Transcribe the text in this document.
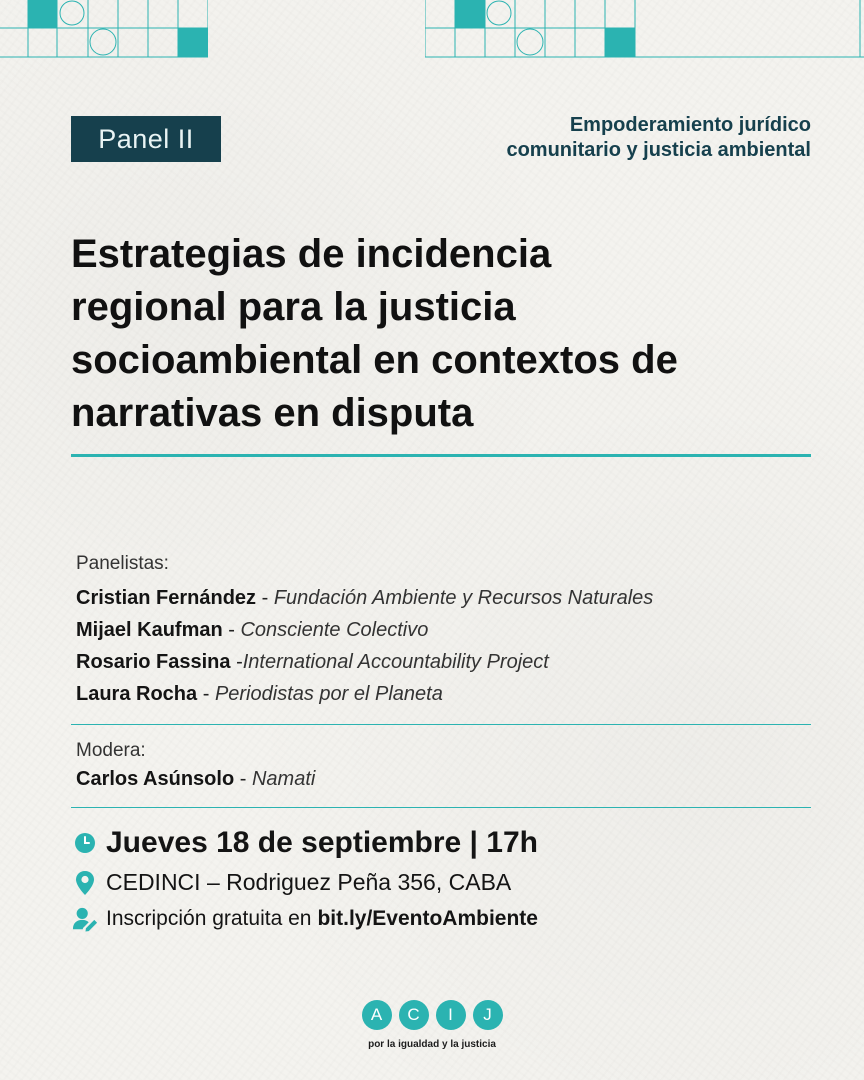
Panel II	Empoderamiento jurídico
comunitario y justicia ambiental
Estrategias de incidencia
regional para la justicia
socioambiental en contextos de
narrativas en disputa
Panelistas:
Cristian Fernández - Fundación Ambiente y Recursos Naturales
Mijael Kaufman - Consciente Colectivo
Rosario Fassina -International Accountability Project
Laura Rocha - Periodistas por el Planeta
Modera:
Carlos Asúnsolo - Namati
Jueves 18 de septiembre | 17h
CEDINCI – Rodriguez Peña 356, CABA
Inscripción gratuita en bit.ly/EventoAmbiente
A	C	I	J
por la igualdad y la justicia
